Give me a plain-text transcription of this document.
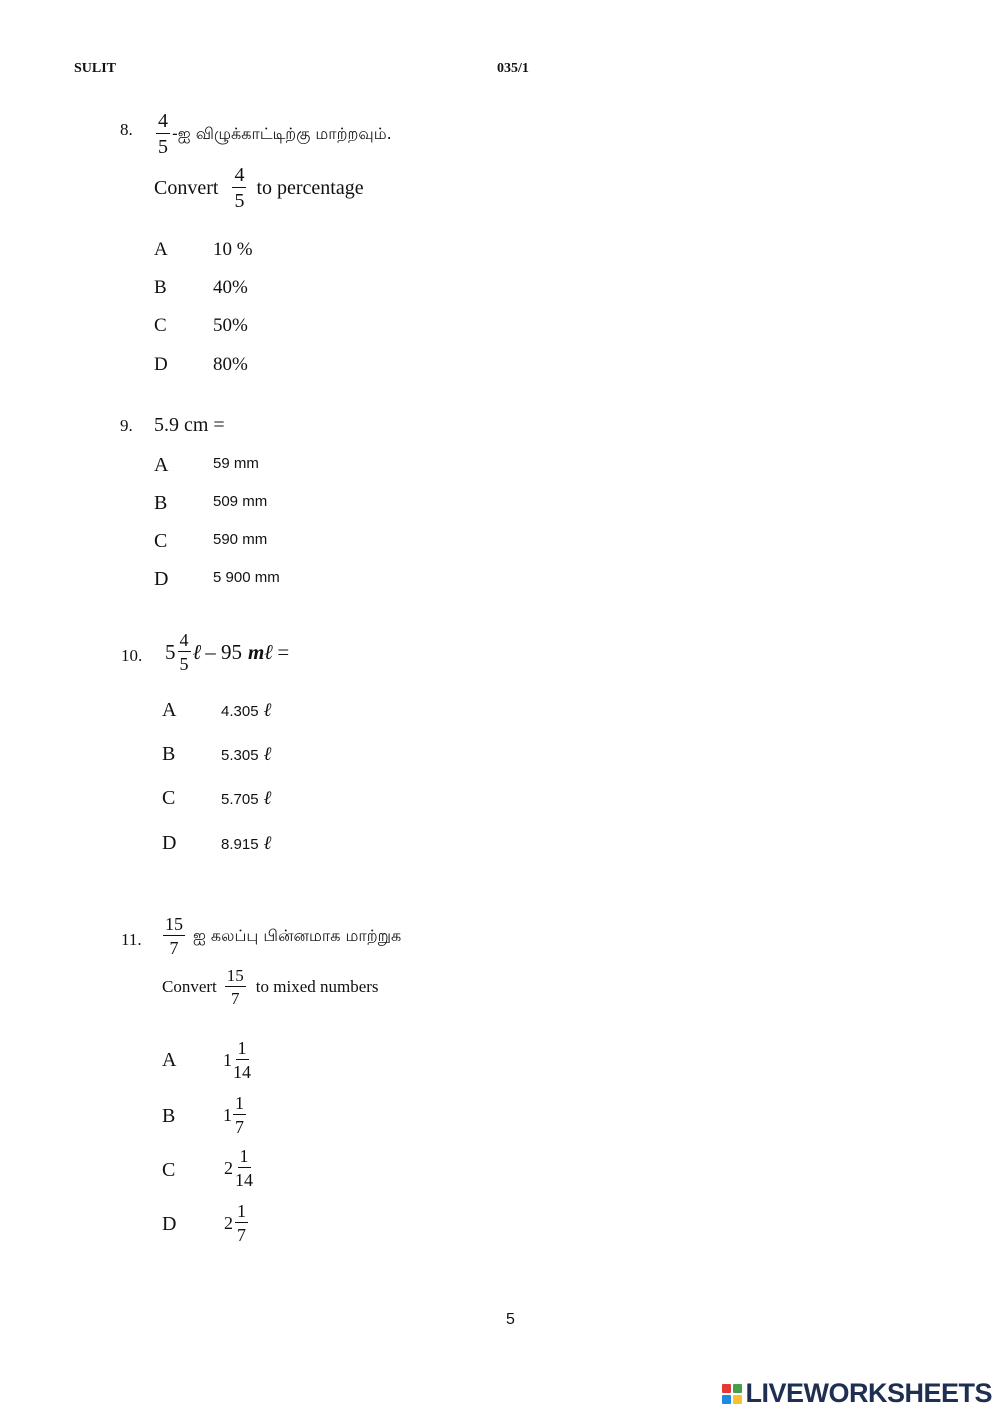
SULIT	035/1
8. $\frac{4}{5}$ -ஐ விழுக்காட்டிற்கு மாற்றவும்.
Convert $\frac{4}{5}$ to percentage
A 10 %
B 40%
C 50%
D 80%
9. 5.9 cm =
A	59 mm
B	509 mm
C	590 mm
D	5 900 mm
10. $5 \frac{4}{5}$ ℓ – 95 mℓ =
A	4.305 ℓ
B	5.305 ℓ
C	5.705 ℓ
D	8.915 ℓ
11. $\frac{15}{7}$ ஐ கலப்பு பின்னமாக மாற்றுக
Convert $\frac{15}{7}$ to mixed numbers
A	$1 \frac{1}{14}$
B	$1 \frac{1}{7}$
C	$2 \frac{1}{14}$
D	$2 \frac{1}{7}$
5
LIVEWORKSHEETS
